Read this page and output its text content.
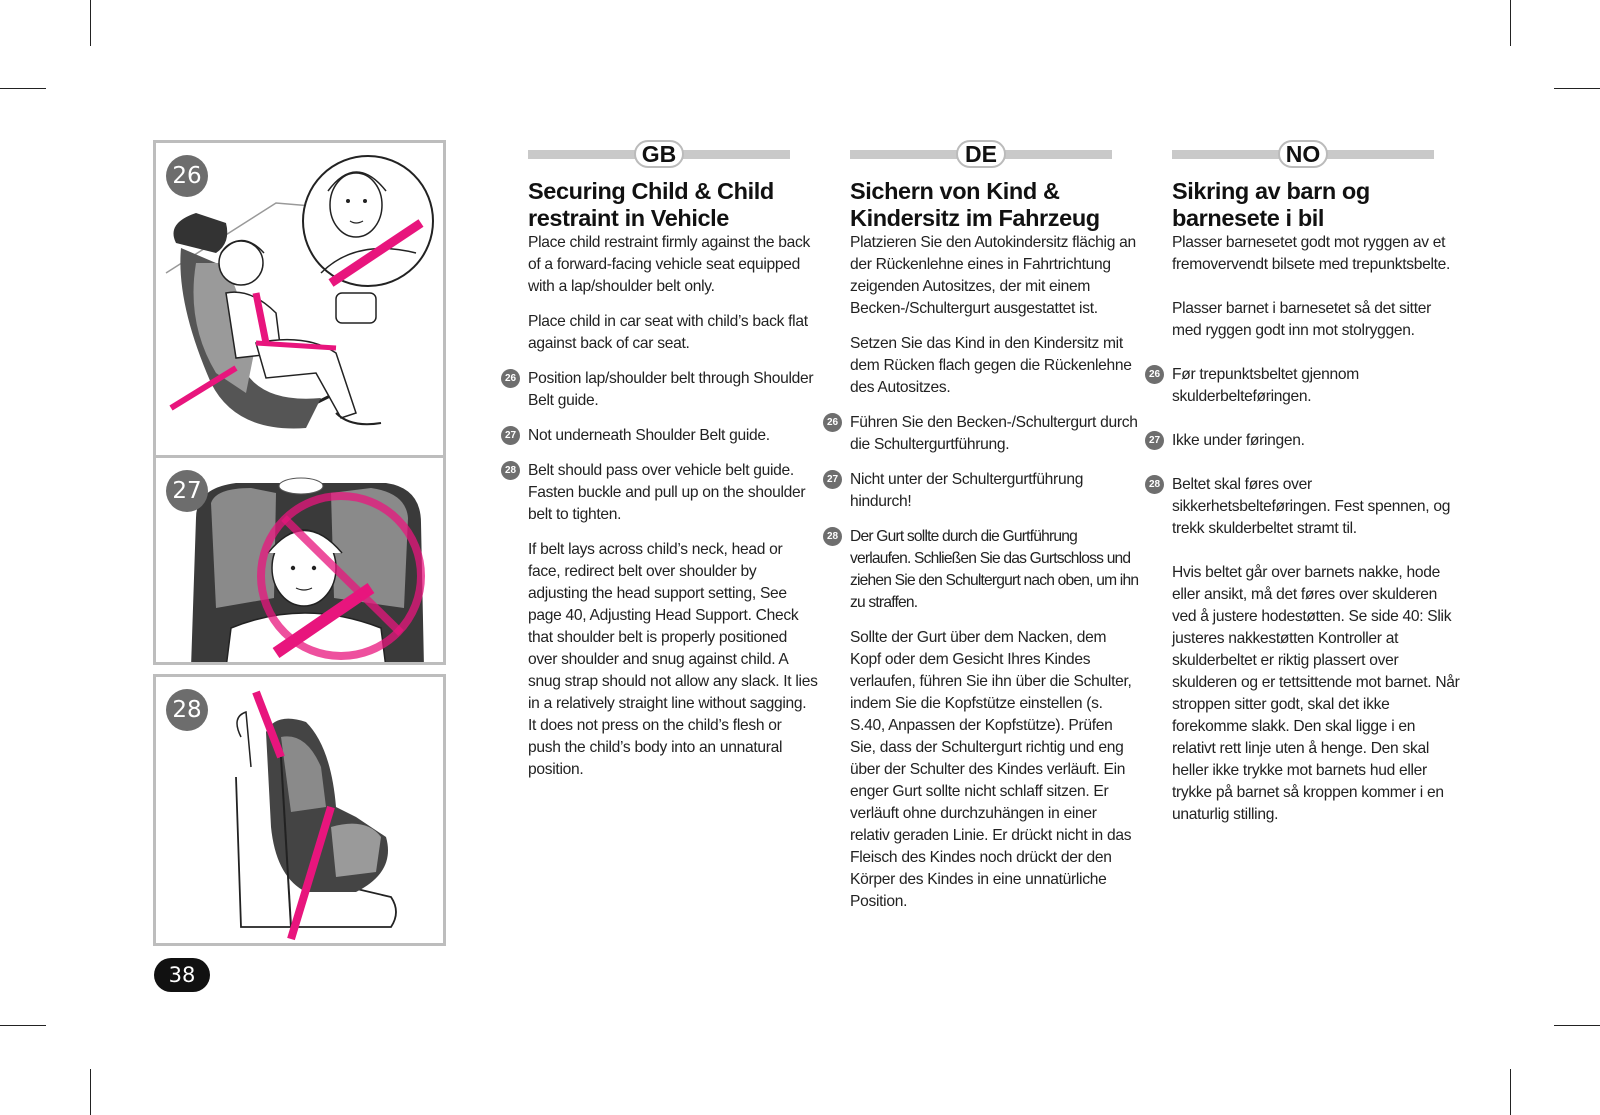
26
27
28
38
GB
Securing Child & Child restraint in Vehicle

Place child restraint firmly against the back of a forward-facing vehicle seat equipped with a lap/shoulder belt only.

Place child in car seat with child’s back flat against back of car seat.

26 Position lap/shoulder belt through Shoulder Belt guide.

27 Not underneath Shoulder Belt guide.

28 Belt should pass over vehicle belt guide. Fasten buckle and pull up on the shoulder belt to tighten.

If belt lays across child’s neck, head or face, redirect belt over shoulder by adjusting the head support setting, See page 40, Adjusting Head Support. Check that shoulder belt is properly positioned over shoulder and snug against child. A snug strap should not allow any slack. It lies in a relatively straight line without sagging. It does not press on the child’s flesh or push the child’s body into an unnatural position.

DE
Sichern von Kind & Kindersitz im Fahrzeug

Platzieren Sie den Autokindersitz flächig an der Rückenlehne eines in Fahrtrichtung zeigenden Autositzes, der mit einem Becken-/Schultergurt ausgestattet ist.

Setzen Sie das Kind in den Kindersitz mit dem Rücken flach gegen die Rückenlehne des Autositzes.

26 Führen Sie den Becken-/Schultergurt durch die Schultergurtführung.

27 Nicht unter der Schultergurtführung hindurch!

28 Der Gurt sollte durch die Gurtführung verlaufen. Schließen Sie das Gurtschloss und ziehen Sie den Schultergurt nach oben, um ihn zu straffen.

Sollte der Gurt über dem Nacken, dem Kopf oder dem Gesicht Ihres Kindes verlaufen, führen Sie ihn über die Schulter, indem Sie die Kopfstütze einstellen (s. S.40, Anpassen der Kopfstütze). Prüfen Sie, dass der Schultergurt richtig und eng über der Schulter des Kindes verläuft. Ein enger Gurt sollte nicht schlaff sitzen. Er verläuft ohne durchzuhängen in einer relativ geraden Linie. Er drückt nicht in das Fleisch des Kindes noch drückt der den Körper des Kindes in eine unnatürliche Position.

NO
Sikring av barn og barnesete i bil

Plasser barnesetet godt mot ryggen av et fremovervendt bilsete med trepunktsbelte.

Plasser barnet i barnesetet så det sitter med ryggen godt inn mot stolryggen.

26 Før trepunktsbeltet gjennom skulderbelteføringen.

27 Ikke under føringen.

28 Beltet skal føres over sikkerhetsbelteføringen. Fest spennen, og trekk skulderbeltet stramt til.

Hvis beltet går over barnets nakke, hode eller ansikt, må det føres over skulderen ved å justere hodestøtten. Se side 40: Slik justeres nakkestøtten Kontroller at skulderbeltet er riktig plassert over skulderen og er tettsittende mot barnet. Når stroppen sitter godt, skal det ikke forekomme slakk. Den skal ligge i en relativt rett linje uten å henge. Den skal heller ikke trykke mot barnets hud eller trykke på barnet så kroppen kommer i en unaturlig stilling.
